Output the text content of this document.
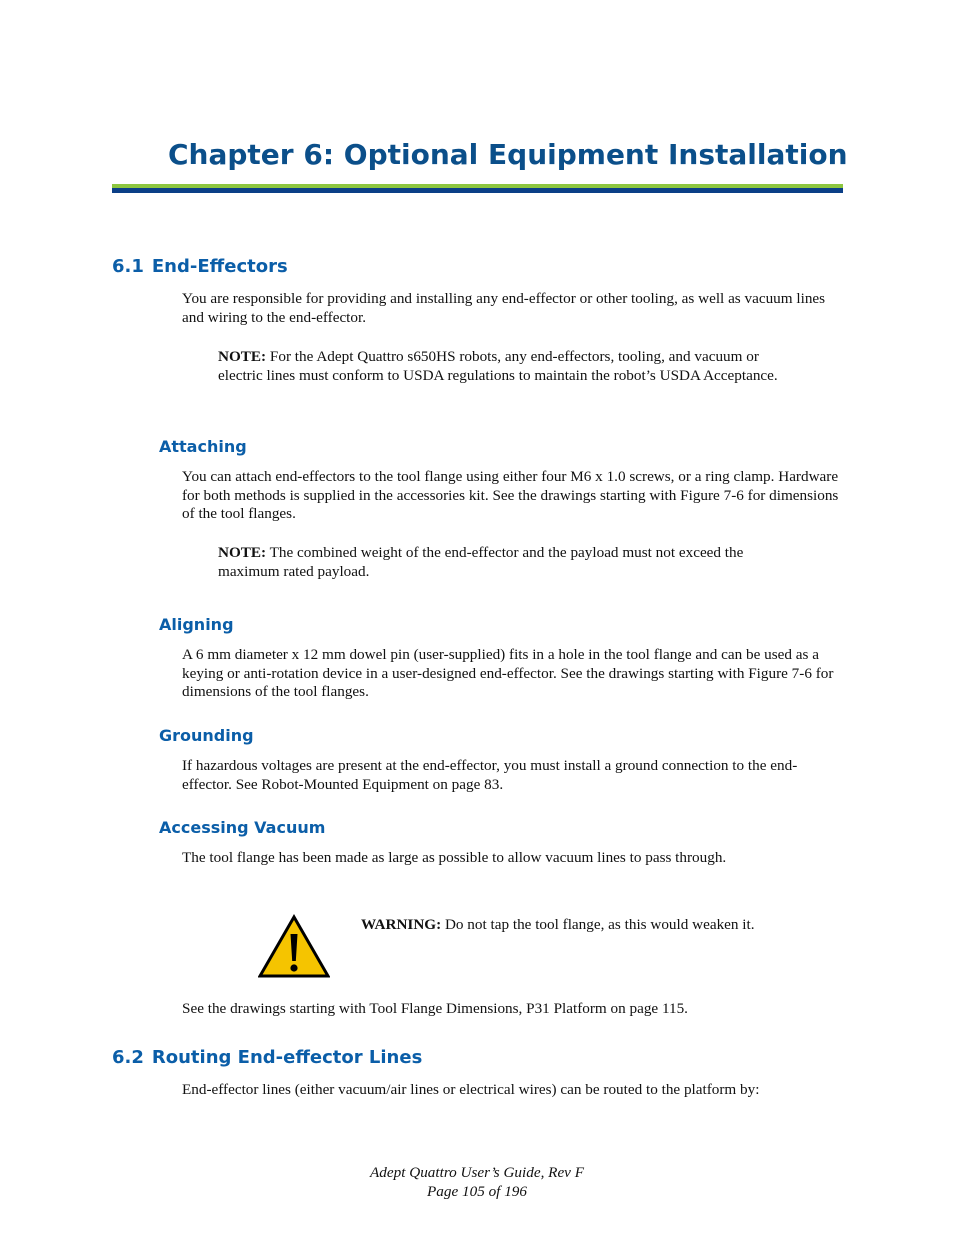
Chapter 6: Optional Equipment Installation
6.1 End-Effectors

You are responsible for providing and installing any end-effector or other tooling, as well as vacuum lines and wiring to the end-effector.

NOTE: For the Adept Quattro s650HS robots, any end-effectors, tooling, and vacuum or electric lines must conform to USDA regulations to maintain the robot’s USDA Acceptance.

Attaching

You can attach end-effectors to the tool flange using either four M6 x 1.0 screws, or a ring clamp. Hardware for both methods is supplied in the accessories kit. See the drawings starting with Figure 7-6 for dimensions of the tool flanges.

NOTE: The combined weight of the end-effector and the payload must not exceed the maximum rated payload.

Aligning

A 6 mm diameter x 12 mm dowel pin (user-supplied) fits in a hole in the tool flange and can be used as a keying or anti-rotation device in a user-designed end-effector. See the drawings starting with Figure 7-6 for dimensions of the tool flanges.

Grounding

If hazardous voltages are present at the end-effector, you must install a ground connection to the end-effector. See Robot-Mounted Equipment on page 83.

Accessing Vacuum

The tool flange has been made as large as possible to allow vacuum lines to pass through.

WARNING: Do not tap the tool flange, as this would weaken it.

See the drawings starting with Tool Flange Dimensions, P31 Platform on page 115.

6.2 Routing End-effector Lines

End-effector lines (either vacuum/air lines or electrical wires) can be routed to the platform by:

Adept Quattro User’s Guide, Rev F
Page 105 of 196
